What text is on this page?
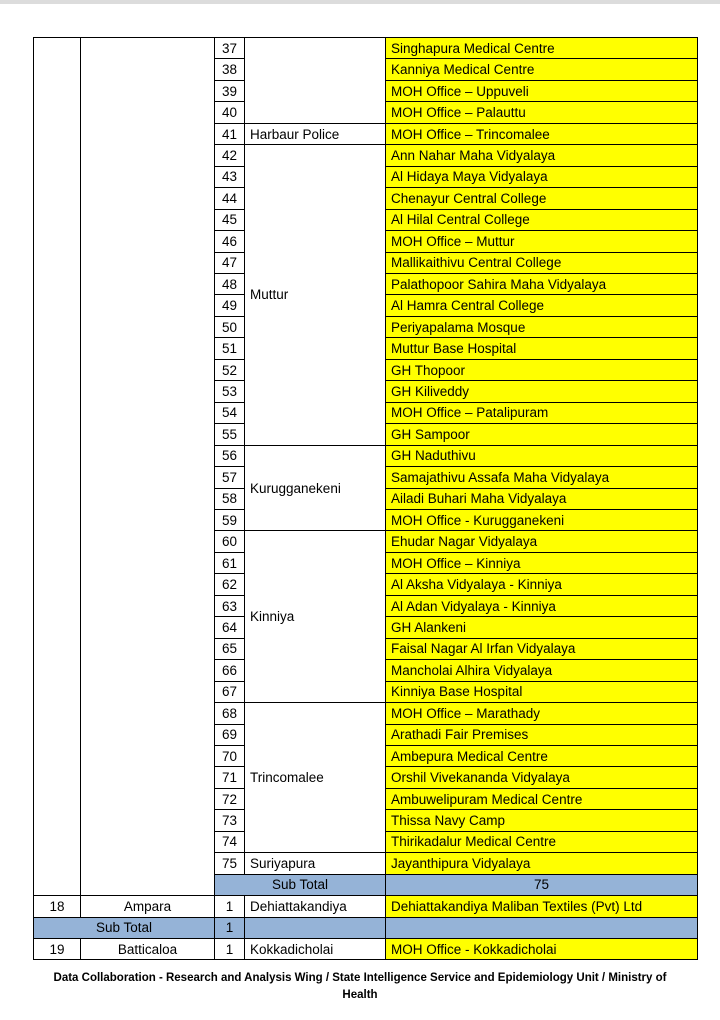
		37		Singhapura Medical Centre	
		38		Kanniya Medical Centre	
		39		MOH Office – Uppuveli	
		40		MOH Office – Palauttu	
		41	Harbaur Police	MOH Office – Trincomalee	
		42	Muttur	Ann Nahar Maha Vidyalaya	
		43		Al Hidaya Maya Vidyalaya	
		44		Chenayur Central College	
		45		Al Hilal Central College	
		46		MOH Office – Muttur	
		47		Mallikaithivu Central College	
		48		Palathopoor Sahira Maha Vidyalaya	
		49		Al Hamra Central College	
		50		Periyapalama Mosque	
		51		Muttur Base Hospital	
		52		GH Thopoor	
		53		GH Kiliveddy	
		54		MOH Office – Patalipuram	
		55		GH Sampoor	
		56	Kurugganekeni	GH Naduthivu	
		57		Samajathivu Assafa Maha Vidyalaya	
		58		Ailadi Buhari Maha Vidyalaya	
		59		MOH Office - Kurugganekeni	
		60	Kinniya	Ehudar Nagar Vidyalaya	
		61		MOH Office – Kinniya	
		62		Al Aksha Vidyalaya - Kinniya	
		63		Al Adan Vidyalaya - Kinniya	
		64		GH Alankeni	
		65		Faisal Nagar Al Irfan Vidyalaya	
		66		Mancholai Alhira Vidyalaya	
		67		Kinniya Base Hospital	
		68	Trincomalee	MOH Office – Marathady	
		69		Arathadi Fair Premises	
		70		Ambepura Medical Centre	
		71		Orshil Vivekananda Vidyalaya	
		72		Ambuwelipuram Medical Centre	
		73		Thissa Navy Camp	
		74		Thirikadalur Medical Centre	
		75	Suriyapura	Jayanthipura Vidyalaya	
		Sub Total		75		
18	Ampara	1	Dehiattakandiya	Dehiattakandiya Maliban Textiles (Pvt) Ltd	
Sub Total		1			
19	Batticaloa	1	Kokkadicholai	MOH Office - Kokkadicholai	
Data Collaboration - Research and Analysis Wing / State Intelligence Service and Epidemiology Unit / Ministry of
Health
